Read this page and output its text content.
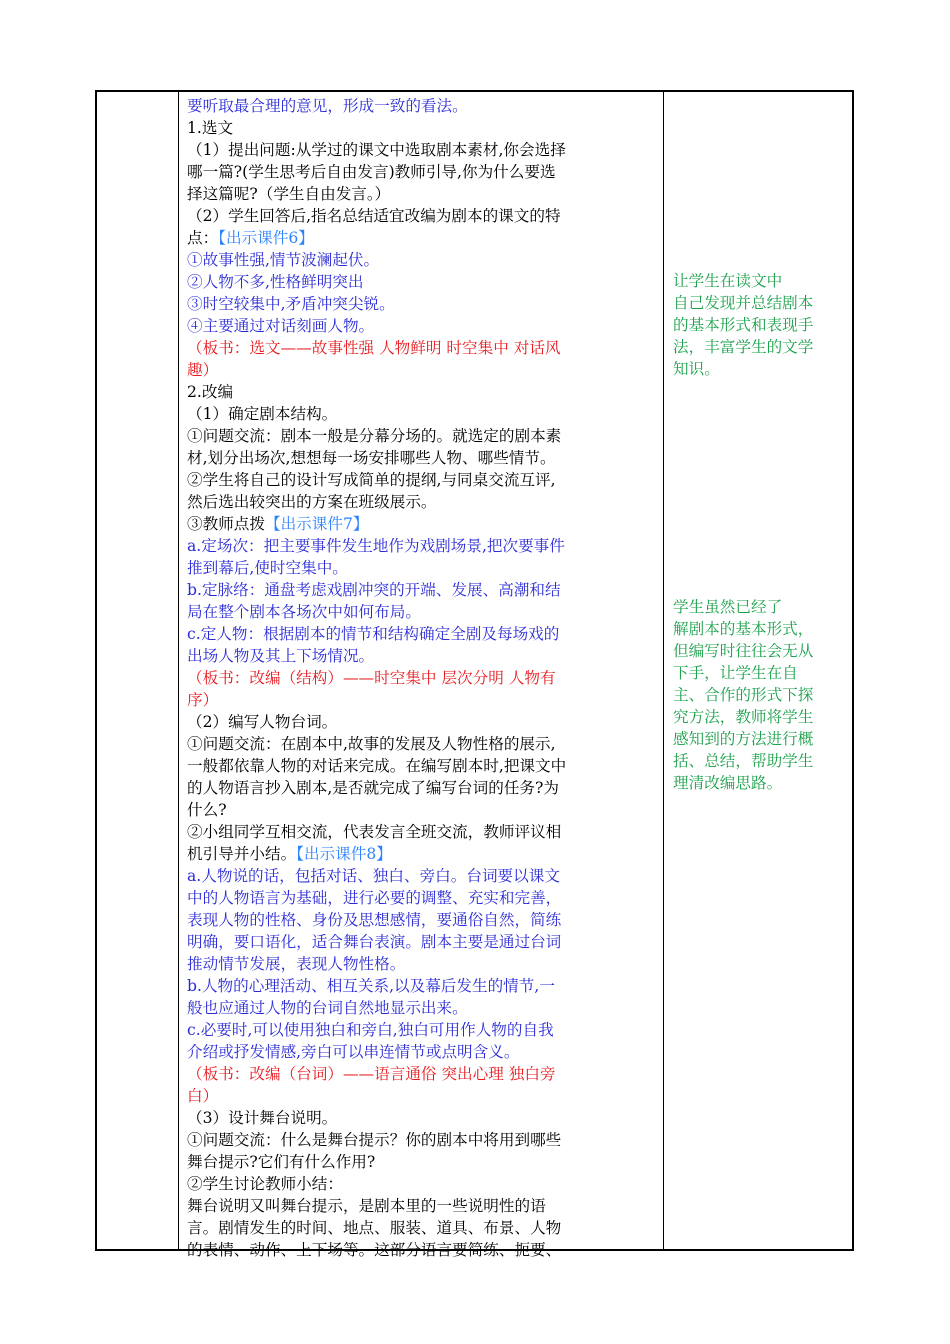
要听取最合理的意见，形成一致的看法。
1.选文
（1）提出问题:从学过的课文中选取剧本素材,你会选择
哪一篇?(学生思考后自由发言)教师引导,你为什么要选
择这篇呢?（学生自由发言。）
（2）学生回答后,指名总结适宜改编为剧本的课文的特
点：【出示课件6】
①故事性强,情节波澜起伏。
②人物不多,性格鲜明突出
③时空较集中,矛盾冲突尖锐。
④主要通过对话刻画人物。
（板书：选文——故事性强 人物鲜明 时空集中 对话风
趣）
2.改编
（1）确定剧本结构。
①问题交流：剧本一般是分幕分场的。就选定的剧本素
材,划分出场次,想想每一场安排哪些人物、哪些情节。
②学生将自己的设计写成简单的提纲,与同桌交流互评,
然后选出较突出的方案在班级展示。
③教师点拨【出示课件7】
a.定场次：把主要事件发生地作为戏剧场景,把次要事件
推到幕后,使时空集中。
b.定脉络：通盘考虑戏剧冲突的开端、发展、高潮和结
局在整个剧本各场次中如何布局。
c.定人物：根据剧本的情节和结构确定全剧及每场戏的
出场人物及其上下场情况。
（板书：改编（结构）——时空集中 层次分明 人物有
序）
（2）编写人物台词。
①问题交流：在剧本中,故事的发展及人物性格的展示,
一般都依靠人物的对话来完成。在编写剧本时,把课文中
的人物语言抄入剧本,是否就完成了编写台词的任务?为
什么?
②小组同学互相交流，代表发言全班交流，教师评议相
机引导并小结。【出示课件8】
a.人物说的话，包括对话、独白、旁白。台词要以课文
中的人物语言为基础，进行必要的调整、充实和完善，
表现人物的性格、身份及思想感情，要通俗自然，简练
明确，要口语化，适合舞台表演。剧本主要是通过台词
推动情节发展，表现人物性格。
b.人物的心理活动、相互关系,以及幕后发生的情节,一
般也应通过人物的台词自然地显示出来。
c.必要时,可以使用独白和旁白,独白可用作人物的自我
介绍或抒发情感,旁白可以串连情节或点明含义。
（板书：改编（台词）——语言通俗 突出心理 独白旁
白）
（3）设计舞台说明。
①问题交流：什么是舞台提示？你的剧本中将用到哪些
舞台提示?它们有什么作用?
②学生讨论教师小结：
舞台说明又叫舞台提示，是剧本里的一些说明性的语
言。剧情发生的时间、地点、服装、道具、布景、人物
的表情、动作、上下场等。这部分语言要简练、扼要、
让学生在读文中
自己发现并总结剧本
的基本形式和表现手
法，丰富学生的文学
知识。
学生虽然已经了
解剧本的基本形式，
但编写时往往会无从
下手，让学生在自
主、合作的形式下探
究方法，教师将学生
感知到的方法进行概
括、总结，帮助学生
理清改编思路。
